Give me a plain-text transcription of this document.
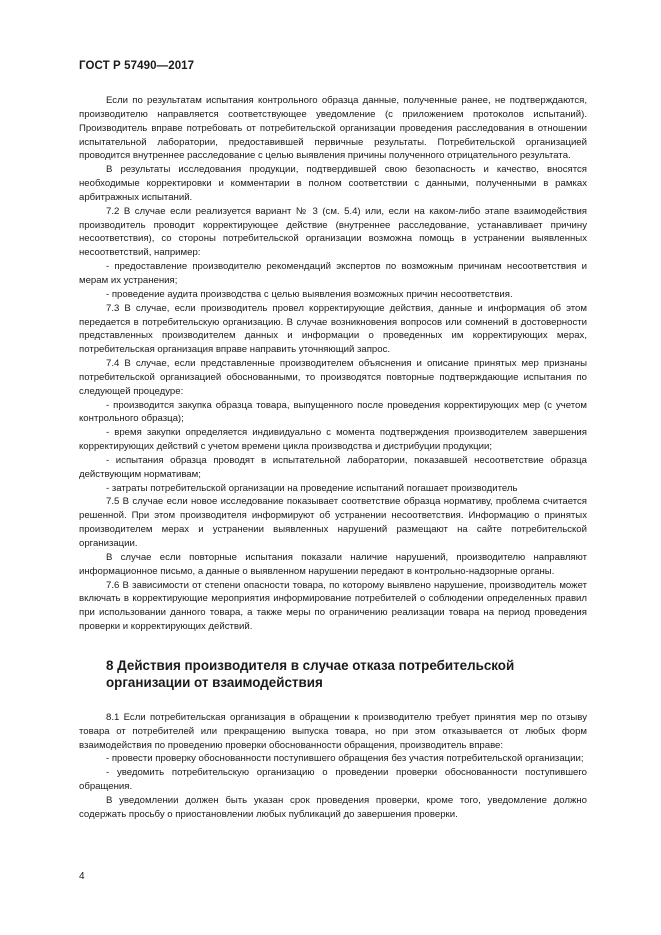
ГОСТ Р 57490—2017

Если по результатам испытания контрольного образца данные, полученные ранее, не подтверждаются, производителю направляется соответствующее уведомление (с приложением протоколов испытаний). Производитель вправе потребовать от потребительской организации проведения расследования в отношении испытательной лаборатории, предоставившей первичные результаты. Потребительской организацией проводится внутреннее расследование с целью выявления причины полученного отрицательного результата.

В результаты исследования продукции, подтвердившей свою безопасность и качество, вносятся необходимые корректировки и комментарии в полном соответствии с данными, полученными в рамках арбитражных испытаний.

7.2 В случае если реализуется вариант № 3 (см. 5.4) или, если на каком-либо этапе взаимодействия производитель проводит корректирующее действие (внутреннее расследование, устанавливает причину несоответствия), со стороны потребительской организации возможна помощь в устранении выявленных несоответствий, например:

- предоставление производителю рекомендаций экспертов по возможным причинам несоответствия и мерам их устранения;

- проведение аудита производства с целью выявления возможных причин несоответствия.

7.3 В случае, если производитель провел корректирующие действия, данные и информация об этом передается в потребительскую организацию. В случае возникновения вопросов или сомнений в достоверности представленных производителем данных и информации о проведенных им корректирующих мерах, потребительская организация вправе направить уточняющий запрос.

7.4 В случае, если представленные производителем объяснения и описание принятых мер признаны потребительской организацией обоснованными, то производятся повторные подтверждающие испытания по следующей процедуре:

- производится закупка образца товара, выпущенного после проведения корректирующих мер (с учетом контрольного образца);

- время закупки определяется индивидуально с момента подтверждения производителем завершения корректирующих действий с учетом времени цикла производства и дистрибуции продукции;

- испытания образца проводят в испытательной лаборатории, показавшей несоответствие образца действующим нормативам;

- затраты потребительской организации на проведение испытаний погашает производитель

7.5 В случае если новое исследование показывает соответствие образца нормативу, проблема считается решенной. При этом производителя информируют об устранении несоответствия. Информацию о принятых производителем мерах и устранении выявленных нарушений размещают на сайте потребительской организации.

В случае если повторные испытания показали наличие нарушений, производителю направляют информационное письмо, а данные о выявленном нарушении передают в контрольно-надзорные органы.

7.6 В зависимости от степени опасности товара, по которому выявлено нарушение, производитель может включать в корректирующие мероприятия информирование потребителей о соблюдении определенных правил при использовании данного товара, а также меры по ограничению реализации товара на период проведения проверки и корректирующих действий.

8 Действия производителя в случае отказа потребительской организации от взаимодействия

8.1 Если потребительская организация в обращении к производителю требует принятия мер по отзыву товара от потребителей или прекращению выпуска товара, но при этом отказывается от любых форм взаимодействия по проведению проверки обоснованности обращения, производитель вправе:

- провести проверку обоснованности поступившего обращения без участия потребительской организации;

- уведомить потребительскую организацию о проведении проверки обоснованности поступившего обращения.

В уведомлении должен быть указан срок проведения проверки, кроме того, уведомление должно содержать просьбу о приостановлении любых публикаций до завершения проверки.

4
